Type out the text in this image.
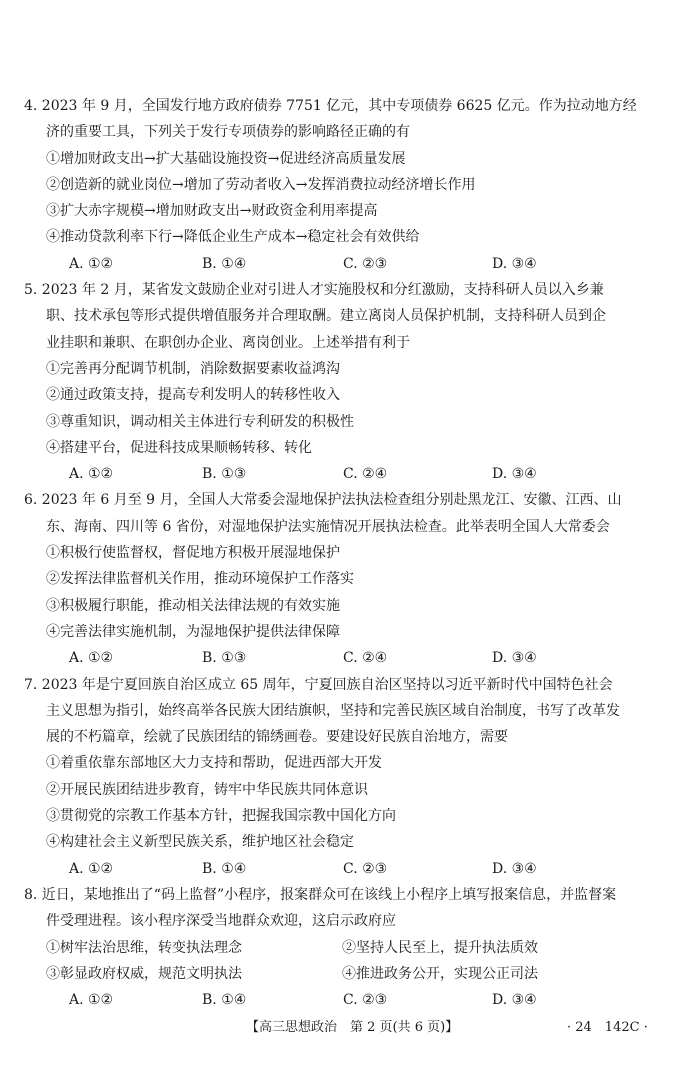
4. 2023 年 9 月，全国发行地方政府债券 7751 亿元，其中专项债券 6625 亿元。作为拉动地方经
济的重要工具，下列关于发行专项债券的影响路径正确的有
①增加财政支出→扩大基础设施投资→促进经济高质量发展
②创造新的就业岗位→增加了劳动者收入→发挥消费拉动经济增长作用
③扩大赤字规模→增加财政支出→财政资金利用率提高
④推动贷款利率下行→降低企业生产成本→稳定社会有效供给
A. ①②	B. ①④	C. ②③	D. ③④
5. 2023 年 2 月，某省发文鼓励企业对引进人才实施股权和分红激励，支持科研人员以入乡兼
职、技术承包等形式提供增值服务并合理取酬。建立离岗人员保护机制，支持科研人员到企
业挂职和兼职、在职创办企业、离岗创业。上述举措有利于
①完善再分配调节机制，消除数据要素收益鸿沟
②通过政策支持，提高专利发明人的转移性收入
③尊重知识，调动相关主体进行专利研发的积极性
④搭建平台，促进科技成果顺畅转移、转化
A. ①②	B. ①③	C. ②④	D. ③④
6. 2023 年 6 月至 9 月，全国人大常委会湿地保护法执法检查组分别赴黑龙江、安徽、江西、山
东、海南、四川等 6 省份，对湿地保护法实施情况开展执法检查。此举表明全国人大常委会
①积极行使监督权，督促地方积极开展湿地保护
②发挥法律监督机关作用，推动环境保护工作落实
③积极履行职能，推动相关法律法规的有效实施
④完善法律实施机制，为湿地保护提供法律保障
A. ①②	B. ①③	C. ②④	D. ③④
7. 2023 年是宁夏回族自治区成立 65 周年，宁夏回族自治区坚持以习近平新时代中国特色社会
主义思想为指引，始终高举各民族大团结旗帜，坚持和完善民族区域自治制度，书写了改革发
展的不朽篇章，绘就了民族团结的锦绣画卷。要建设好民族自治地方，需要
①着重依靠东部地区大力支持和帮助，促进西部大开发
②开展民族团结进步教育，铸牢中华民族共同体意识
③贯彻党的宗教工作基本方针，把握我国宗教中国化方向
④构建社会主义新型民族关系，维护地区社会稳定
A. ①②	B. ①④	C. ②③	D. ③④
8. 近日，某地推出了“码上监督”小程序，报案群众可在该线上小程序上填写报案信息，并监督案
件受理进程。该小程序深受当地群众欢迎，这启示政府应
①树牢法治思维，转变执法理念	②坚持人民至上，提升执法质效
③彰显政府权威，规范文明执法	④推进政务公开，实现公正司法
A. ①②	B. ①④	C. ②③	D. ③④
【高三思想政治　第 2 页(共 6 页)】	· 24　142C ·
